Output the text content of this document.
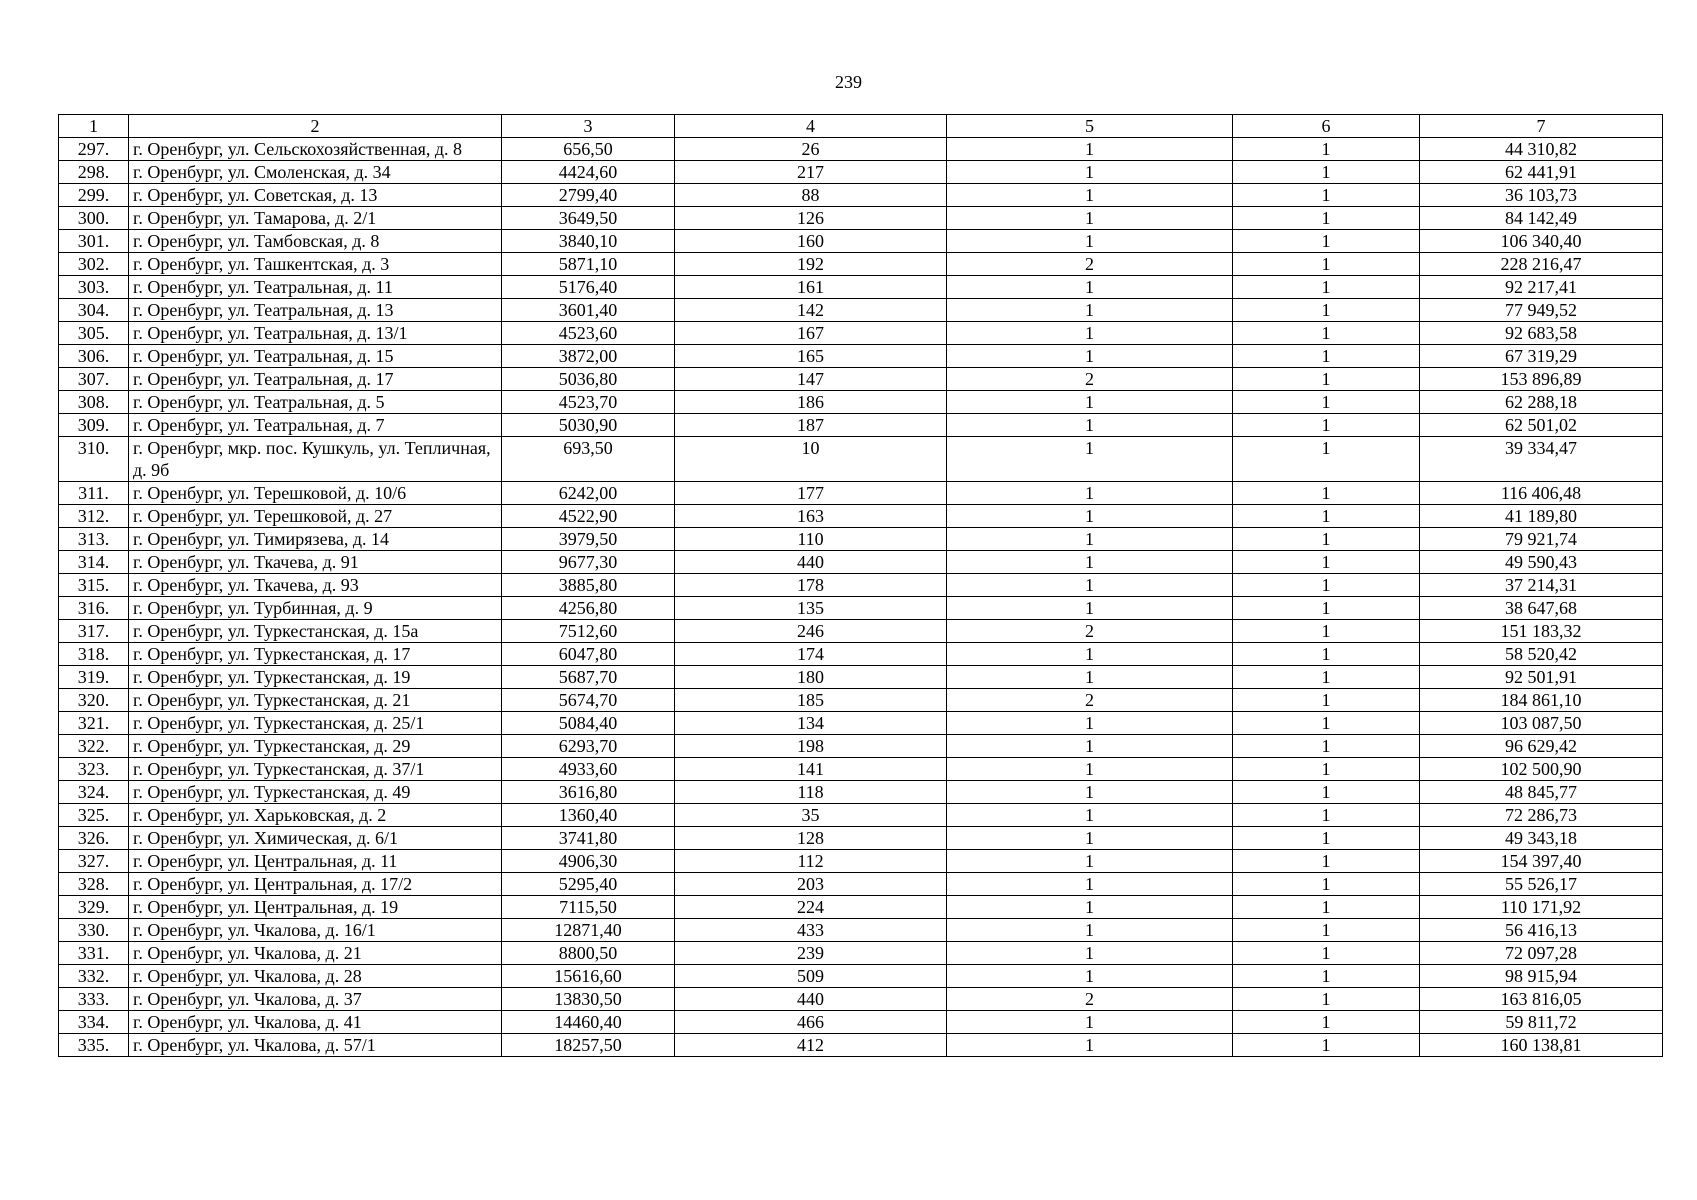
239
1	2	3	4	5	6	7
297.	г. Оренбург, ул. Сельскохозяйственная, д. 8	656,50	26	1	1	44 310,82
298.	г. Оренбург, ул. Смоленская, д. 34	4424,60	217	1	1	62 441,91
299.	г. Оренбург, ул. Советская, д. 13	2799,40	88	1	1	36 103,73
300.	г. Оренбург, ул. Тамарова, д. 2/1	3649,50	126	1	1	84 142,49
301.	г. Оренбург, ул. Тамбовская, д. 8	3840,10	160	1	1	106 340,40
302.	г. Оренбург, ул. Ташкентская, д. 3	5871,10	192	2	1	228 216,47
303.	г. Оренбург, ул. Театральная, д. 11	5176,40	161	1	1	92 217,41
304.	г. Оренбург, ул. Театральная, д. 13	3601,40	142	1	1	77 949,52
305.	г. Оренбург, ул. Театральная, д. 13/1	4523,60	167	1	1	92 683,58
306.	г. Оренбург, ул. Театральная, д. 15	3872,00	165	1	1	67 319,29
307.	г. Оренбург, ул. Театральная, д. 17	5036,80	147	2	1	153 896,89
308.	г. Оренбург, ул. Театральная, д. 5	4523,70	186	1	1	62 288,18
309.	г. Оренбург, ул. Театральная, д. 7	5030,90	187	1	1	62 501,02
310.	г. Оренбург, мкр. пос. Кушкуль, ул. Тепличная, д. 9б	693,50	10	1	1	39 334,47
311.	г. Оренбург, ул. Терешковой, д. 10/6	6242,00	177	1	1	116 406,48
312.	г. Оренбург, ул. Терешковой, д. 27	4522,90	163	1	1	41 189,80
313.	г. Оренбург, ул. Тимирязева, д. 14	3979,50	110	1	1	79 921,74
314.	г. Оренбург, ул. Ткачева, д. 91	9677,30	440	1	1	49 590,43
315.	г. Оренбург, ул. Ткачева, д. 93	3885,80	178	1	1	37 214,31
316.	г. Оренбург, ул. Турбинная, д. 9	4256,80	135	1	1	38 647,68
317.	г. Оренбург, ул. Туркестанская, д. 15а	7512,60	246	2	1	151 183,32
318.	г. Оренбург, ул. Туркестанская, д. 17	6047,80	174	1	1	58 520,42
319.	г. Оренбург, ул. Туркестанская, д. 19	5687,70	180	1	1	92 501,91
320.	г. Оренбург, ул. Туркестанская, д. 21	5674,70	185	2	1	184 861,10
321.	г. Оренбург, ул. Туркестанская, д. 25/1	5084,40	134	1	1	103 087,50
322.	г. Оренбург, ул. Туркестанская, д. 29	6293,70	198	1	1	96 629,42
323.	г. Оренбург, ул. Туркестанская, д. 37/1	4933,60	141	1	1	102 500,90
324.	г. Оренбург, ул. Туркестанская, д. 49	3616,80	118	1	1	48 845,77
325.	г. Оренбург, ул. Харьковская, д. 2	1360,40	35	1	1	72 286,73
326.	г. Оренбург, ул. Химическая, д. 6/1	3741,80	128	1	1	49 343,18
327.	г. Оренбург, ул. Центральная, д. 11	4906,30	112	1	1	154 397,40
328.	г. Оренбург, ул. Центральная, д. 17/2	5295,40	203	1	1	55 526,17
329.	г. Оренбург, ул. Центральная, д. 19	7115,50	224	1	1	110 171,92
330.	г. Оренбург, ул. Чкалова, д. 16/1	12871,40	433	1	1	56 416,13
331.	г. Оренбург, ул. Чкалова, д. 21	8800,50	239	1	1	72 097,28
332.	г. Оренбург, ул. Чкалова, д. 28	15616,60	509	1	1	98 915,94
333.	г. Оренбург, ул. Чкалова, д. 37	13830,50	440	2	1	163 816,05
334.	г. Оренбург, ул. Чкалова, д. 41	14460,40	466	1	1	59 811,72
335.	г. Оренбург, ул. Чкалова, д. 57/1	18257,50	412	1	1	160 138,81
